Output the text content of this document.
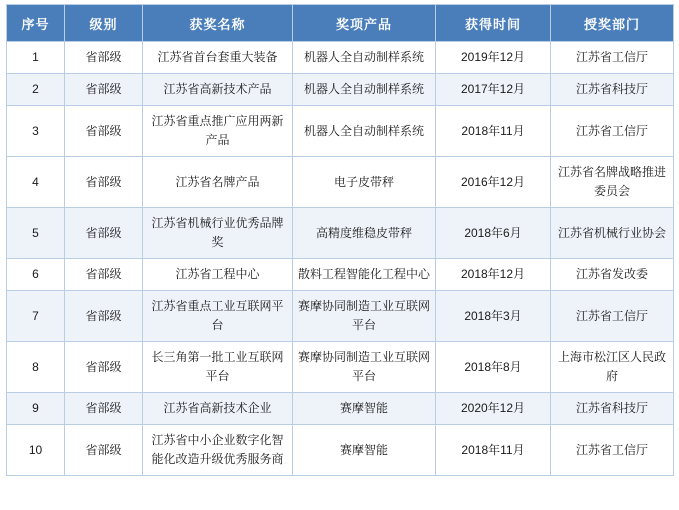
序号	级别	获奖名称	奖项产品	获得时间	授奖部门
1	省部级	江苏省首台套重大装备	机器人全自动制样系统	2019年12月	江苏省工信厅
2	省部级	江苏省高新技术产品	机器人全自动制样系统	2017年12月	江苏省科技厅
3	省部级	江苏省重点推广应用两新产品	机器人全自动制样系统	2018年11月	江苏省工信厅
4	省部级	江苏省名牌产品	电子皮带秤	2016年12月	江苏省名牌战略推进委员会
5	省部级	江苏省机械行业优秀品牌奖	高精度维稳皮带秤	2018年6月	江苏省机械行业协会
6	省部级	江苏省工程中心	散料工程智能化工程中心	2018年12月	江苏省发改委
7	省部级	江苏省重点工业互联网平台	赛摩协同制造工业互联网平台	2018年3月	江苏省工信厅
8	省部级	长三角第一批工业互联网平台	赛摩协同制造工业互联网平台	2018年8月	上海市松江区人民政府
9	省部级	江苏省高新技术企业	赛摩智能	2020年12月	江苏省科技厅
10	省部级	江苏省中小企业数字化智能化改造升级优秀服务商	赛摩智能	2018年11月	江苏省工信厅
